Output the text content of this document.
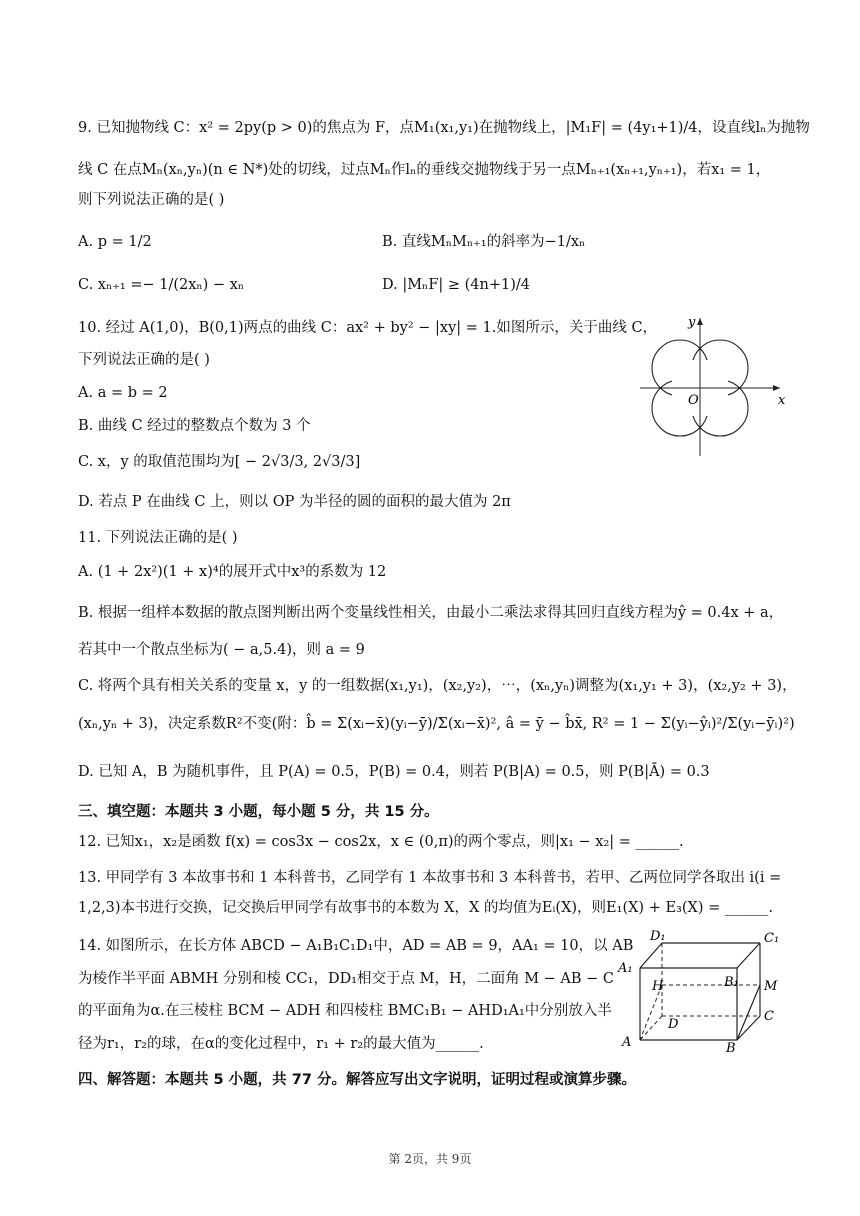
9. 已知抛物线 C：x² = 2py(p > 0)的焦点为 F，点M₁(x₁,y₁)在抛物线上，|M₁F| = (4y₁+1)/4，设直线lₙ为抛物
线 C 在点Mₙ(xₙ,yₙ)(n ∈ N*)处的切线，过点Mₙ作lₙ的垂线交抛物线于另一点Mₙ₊₁(xₙ₊₁,yₙ₊₁)，若x₁ = 1，
则下列说法正确的是( )
A. p = 1/2	B. 直线MₙMₙ₊₁的斜率为−1/xₙ
C. xₙ₊₁ =− 1/(2xₙ) − xₙ	D. |MₙF| ≥ (4n+1)/4
10. 经过 A(1,0)，B(0,1)两点的曲线 C：ax² + by² − |xy| = 1.如图所示，关于曲线 C，
下列说法正确的是( )
A. a = b = 2
B. 曲线 C 经过的整数点个数为 3 个
C. x，y 的取值范围均为[ − 2√3/3, 2√3/3]
D. 若点 P 在曲线 C 上，则以 OP 为半径的圆的面积的最大值为 2π
x
y
O
11. 下列说法正确的是( )
A. (1 + 2x²)(1 + x)⁴的展开式中x³的系数为 12
B. 根据一组样本数据的散点图判断出两个变量线性相关，由最小二乘法求得其回归直线方程为ŷ = 0.4x + a，
若其中一个散点坐标为( − a,5.4)，则 a = 9
C. 将两个具有相关关系的变量 x，y 的一组数据(x₁,y₁)，(x₂,y₂)，⋯，(xₙ,yₙ)调整为(x₁,y₁ + 3)，(x₂,y₂ + 3)，
(xₙ,yₙ + 3)，决定系数R²不变(附：b̂ = Σ(xᵢ−x̄)(yᵢ−ȳ)/Σ(xᵢ−x̄)², â = ȳ − b̂x̄, R² = 1 − Σ(yᵢ−ŷᵢ)²/Σ(yᵢ−ȳᵢ)²)
D. 已知 A，B 为随机事件，且 P(A) = 0.5，P(B) = 0.4，则若 P(B|A) = 0.5，则 P(B|Ā) = 0.3
三、填空题：本题共 3 小题，每小题 5 分，共 15 分。
12. 已知x₁，x₂是函数 f(x) = cos3x − cos2x，x ∈ (0,π)的两个零点，则|x₁ − x₂| = ______.
13. 甲同学有 3 本故事书和 1 本科普书，乙同学有 1 本故事书和 3 本科普书，若甲、乙两位同学各取出 i(i =
1,2,3)本书进行交换，记交换后甲同学有故事书的本数为 X，X 的均值为Eᵢ(X)，则E₁(X) + E₃(X) = ______.
14. 如图所示，在长方体 ABCD − A₁B₁C₁D₁中，AD = AB = 9，AA₁ = 10，以 AB
为棱作半平面 ABMH 分别和棱 CC₁，DD₁相交于点 M，H，二面角 M − AB − C
的平面角为α.在三棱柱 BCM − ADH 和四棱柱 BMC₁B₁ − AHD₁A₁中分别放入半
径为r₁，r₂的球，在α的变化过程中，r₁ + r₂的最大值为______.
D₁	C₁
A₁
B₁
H	M
D
C
A	B
四、解答题：本题共 5 小题，共 77 分。解答应写出文字说明，证明过程或演算步骤。
第 2页，共 9页
